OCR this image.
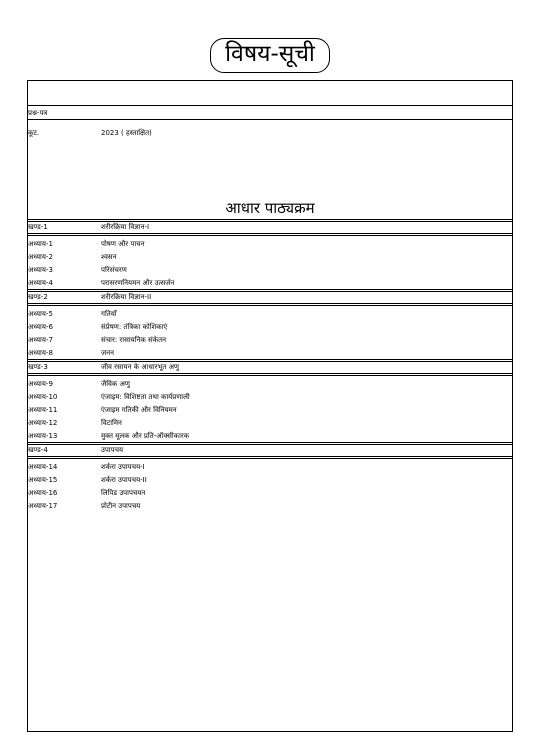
विषय-सूची
प्रश्न-पत्र
कूट.	2023 ( हस्ताक्षित)
आधार पाठ्यक्रम
खण्ड-1	शरीरक्रिया विज्ञान-I
अध्याय-1	पोषण और पाचन
अध्याय-2	श्वसन
अध्याय-3	परिसंचरण
अध्याय-4	परासरणनियमन और उत्सर्जन
खण्ड-2	शरीरक्रिया विज्ञान-II
अध्याय-5	गतियाँ
अध्याय-6	संप्रेषण: तंत्रिका कोशिकाएं
अध्याय-7	संचार: रासायनिक संकेतन
अध्याय-8	जनन
खण्ड-3	जीव रसायन के आधारभूत अणु
अध्याय-9	जैविक अणु
अध्याय-10	एंजाइम: विशिष्टता तथा कार्यप्रणाली
अध्याय-11	एंजाइम गतिकी और विनियमन
अध्याय-12	विटामिन
अध्याय-13	मुक्त मूलक और प्रति-ऑक्सीकारक
खण्ड-4	उपापचय
अध्याय-14	शर्करा उपापचय-I
अध्याय-15	शर्करा उपापचय-II
अध्याय-16	लिपिड उपापचयन
अध्याय-17	प्रोटीन उपापचय
